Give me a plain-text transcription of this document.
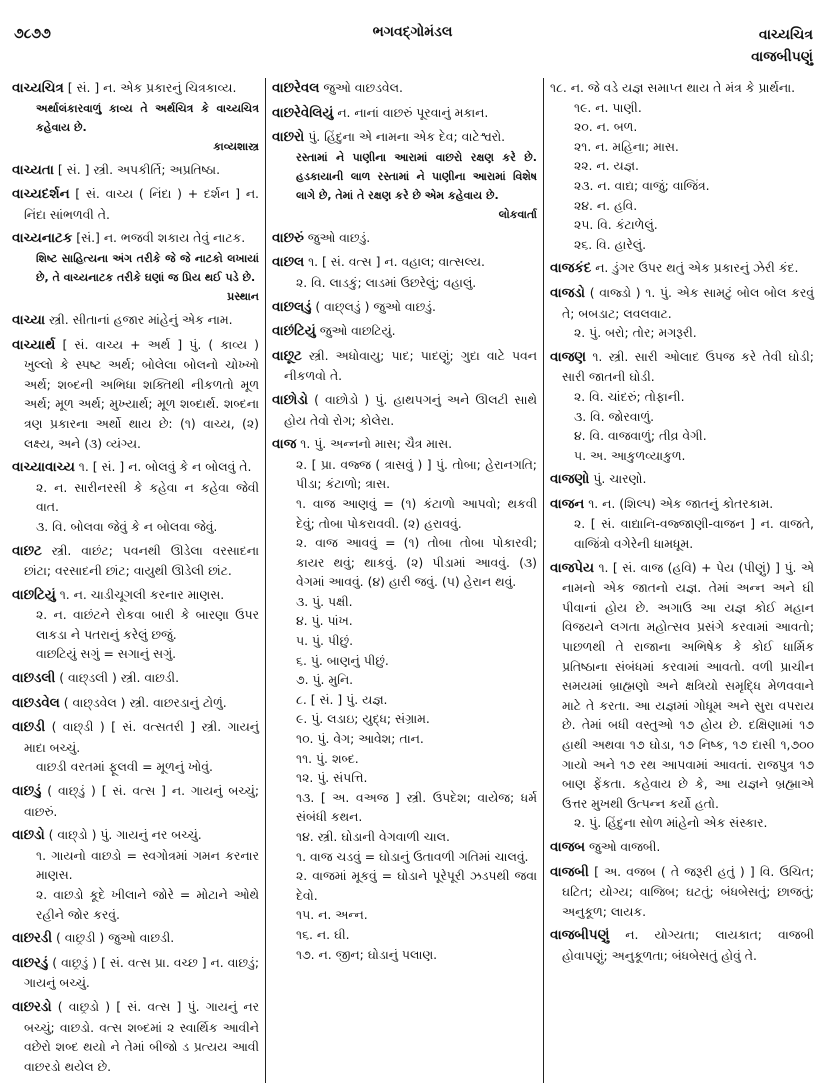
૭૮૭૭	ભગવદ્ગોમંડલ	વાચ્યચિત્ર
વાજબીપણું
વાચ્યચિત્ર [ સં. ] ન. એક પ્રકારનું ચિત્રકાવ્ય.
અર્થાલંકારવાળું કાવ્ય તે અર્થચિત્ર કે વાચ્યચિત્ર કહેવાય છે.
કાવ્યશાસ્ત્ર
વાચ્યતા [ સં. ] સ્ત્રી. અપકીર્તિ; અપ્રતિષ્ઠા.
વાચ્યદર્શન [ સં. વાચ્ય ( નિંદા ) + દર્શન ] ન. નિંદા સાંભળવી તે.
વાચ્યનાટક [સં.] ન. ભજવી શકાય તેવું નાટક.
શિષ્ટ સાહિત્યના અંગ તરીકે જે જે નાટકો લખાયાં છે, તે વાચ્યનાટક તરીકે ઘણાં જ પ્રિય થઈ પડે છે.
પ્રસ્થાન
વાચ્યા સ્ત્રી. સીતાનાં હજાર માંહેનું એક નામ.
વાચ્યાર્થ [ સં. વાચ્ય + અર્થ ] પું. ( કાવ્ય ) ખુલ્લો કે સ્પષ્ટ અર્થ; બોલેલા બોલનો ચોખ્ખો અર્થ; શબ્દની અભિધા શક્તિથી નીકળતો મૂળ અર્થ; મૂળ અર્થ; મુખ્યાર્થ; મૂળ શબ્દાર્થ. શબ્દના ત્રણ પ્રકારના અર્થો થાય છે: (૧) વાચ્ય, (૨) લક્ષ્ય, અને (૩) વ્યંગ્ય.
વાચ્યાવાચ્ય ૧. [ સં. ] ન. બોલવું કે ન બોલવું તે.
૨. ન. સારીનરસી કે કહેવા ન કહેવા જેવી વાત.
૩. વિ. બોલવા જેવું કે ન બોલવા જેવું.
વાછટ સ્ત્રી. વાછંટ; પવનથી ઊડેલા વરસાદના છાંટા; વરસાદની છાંટ; વાયુથી ઊડેલી છાંટ.
વાછટિયું ૧. ન. ચાડીચૂગલી કરનાર માણસ.
૨. ન. વાછંટને રોકવા બારી કે બારણા ઉપર લાકડા ને પતરાનું કરેલું છજું.
વાછટિયું સગું = સગાનું સગું.
વાછડલી ( વાછ્ડલી ) સ્ત્રી. વાછડી.
વાછડવેલ ( વાછ્ડવેલ ) સ્ત્રી. વાછરડાનું ટોળું.
વાછડી ( વાછ્ડી ) [ સં. વત્સતરી ] સ્ત્રી. ગાયનું માદા બચ્ચું.
વાછડી વરતમાં ફૂલવી = મૂળનું ખોવું.
વાછડું ( વાછ્ડું ) [ સં. વત્સ ] ન. ગાયનું બચ્ચું; વાછરું.
વાછડો ( વાછ્ડો ) પું. ગાયનું નર બચ્ચું.
૧. ગાયનો વાછડો = સ્વગોત્રમાં ગમન કરનાર માણસ.
૨. વાછડો કૂદે ખીલાને જોરે = મોટાને ઓથે રહીને જોર કરવું.
વાછરડી ( વાછ્રડી ) જુઓ વાછડી.
વાછરડું ( વાછ્રડું ) [ સં. વત્સ પ્રા. વચ્છ ] ન. વાછડું; ગાયનું બચ્ચું.
વાછરડો ( વાછ્રડો ) [ સં. વત્સ ] પું. ગાયનું નર બચ્ચું; વાછડો. વત્સ શબ્દમાં ૨ સ્વાર્થિક આવીને વછેરો શબ્દ થયો ને તેમાં બીજો ડ પ્રત્યય આવી વાછરડો થયેલ છે.
વાછરેવલ જુઓ વાછડવેલ.
વાછરેવેલિયું ન. નાનાં વાછરું પૂરવાનું મકાન.
વાછરો પું. હિંદુના એ નામના એક દેવ; વાટેશ્વરો.
રસ્તામાં ને પાણીના આરામાં વાછરો રક્ષણ કરે છે. હડકાયાની લાળ રસ્તામાં ને પાણીના આરામાં વિશેષ લાગે છે, તેમાં તે રક્ષણ કરે છે એમ કહેવાય છે.
લોકવાર્તા
વાછરું જુઓ વાછડું.
વાછલ ૧. [ સં. વત્સ ] ન. વહાલ; વાત્સલ્ય.
૨. વિ. લાડકું; લાડમાં ઉછરેલું; વહાલું.
વાછલડું ( વાછ્લડું ) જુઓ વાછડું.
વાછંટિયું જુઓ વાછટિયું.
વાછૂટ સ્ત્રી. અધોવાયુ; પાદ; પાદણું; ગુદા વાટે પવન નીકળવો તે.
વાછોડો ( વાછોડો ) પું. હાથપગનું અને ઊલટી સાથે હોય તેવો રોગ; કોલેરા.
વાજ ૧. પું. અન્નનો માસ; ચૈત્ર માસ.
૨. [ પ્રા. વજ્જ ( ત્રાસવું ) ] પું. તોબા; હેરાનગતિ; પીડા; કંટાળો; ત્રાસ.
૧. વાજ આણવું = (૧) કંટાળો આપવો; થકવી દેવું; તોબા પોકરાવવી. (૨) હરાવવું.
૨. વાજ આવવું = (૧) તોબા તોબા પોકારવી; કાયર થવું; થાકવું. (૨) પીડામાં આવવું. (૩) વેગમાં આવવું. (૪) હારી જવું. (૫) હેરાન થવું.
૩. પું. પક્ષી.
૪. પું. પાંખ.
૫. પું. પીછું.
૬. પું. બાણનું પીછું.
૭. પું. મુનિ.
૮. [ સં. ] પું. યજ્ઞ.
૯. પું. લડાઇ; યુદ્ધ; સંગ્રામ.
૧૦. પું. વેગ; આવેશ; તાન.
૧૧. પું. શબ્દ.
૧૨. પું. સંપત્તિ.
૧૩. [ અ. વઅજ ] સ્ત્રી. ઉપદેશ; વાયેજ; ધર્મ સંબંધી કથન.
૧૪. સ્ત્રી. ઘોડાની વેગવાળી ચાલ.
૧. વાજ ચડવું = ઘોડાનું ઉતાવળી ગતિમાં ચાલવું.
૨. વાજમાં મૂકવું = ઘોડાને પૂરેપૂરી ઝડપથી જવા દેવો.
૧૫. ન. અન્ન.
૧૬. ન. ઘી.
૧૭. ન. જીન; ઘોડાનું પલાણ.
૧૮. ન. જે વડે યજ્ઞ સમાપ્ત થાય તે મંત્ર કે પ્રાર્થના.
૧૯. ન. પાણી.
૨૦. ન. બળ.
૨૧. ન. મહિના; માસ.
૨૨. ન. યજ્ઞ.
૨૩. ન. વાદ્ય; વાજું; વાજિંત્ર.
૨૪. ન. હવિ.
૨૫. વિ. કંટાળેલું.
૨૬. વિ. હારેલું.
વાજકંદ ન. ડુંગર ઉપર થતું એક પ્રકારનું ઝેરી કંદ.
વાજડો ( વાજ્ડો ) ૧. પું. એક સામટું બોલ બોલ કરવું તે; બબડાટ; લવલવાટ.
૨. પું. બરો; તોર; મગરૂરી.
વાજણ ૧. સ્ત્રી. સારી ઓલાદ ઉપજ કરે તેવી ઘોડી; સારી જાતની ઘોડી.
૨. વિ. ચાંદરું; તોફાની.
૩. વિ. જોરવાળું.
૪. વિ. વાજવાળું; તીવ્ર વેગી.
૫. અ. આકુળવ્યાકુળ.
વાજણો પું. ચારણો.
વાજન ૧. ન. (શિલ્પ) એક જાતનું કોતરકામ.
૨. [ સં. વાદ્યાનિ-વજ્જાણી-વાજન ] ન. વાજતે, વાજિંત્રો વગેરેની ધામધૂમ.
વાજપેય ૧. [ સં. વાજ (હવિ) + પેય (પીણું) ] પું. એ નામનો એક જાતનો યજ્ઞ. તેમાં અન્ન અને ઘી પીવાનાં હોય છે. અગાઉ આ યજ્ઞ કોઈ મહાન વિજયને લગતા મહોત્સવ પ્રસંગે કરવામાં આવતો; પાછળથી તે રાજાના અભિષેક કે કોઈ ધાર્મિક પ્રતિષ્ઠાના સંબંધમાં કરવામાં આવતો. વળી પ્રાચીન સમયમાં બ્રાહ્મણો અને ક્ષત્રિયો સમૃદ્ધિ મેળવવાને માટે તે કરતા. આ યજ્ઞમાં ગોધૂમ અને સુરા વપરાય છે. તેમાં બધી વસ્તુઓ ૧૭ હોય છે. દક્ષિણામાં ૧૭ હાથી અથવા ૧૭ ઘોડા, ૧૭ નિષ્ક, ૧૭ દાસી ૧,૭૦૦ ગાયો અને ૧૭ રથ આપવામાં આવતાં. રાજપુત્ર ૧૭ બાણ ફેંકતા. કહેવાય છે કે, આ યજ્ઞને બ્રહ્માએ ઉત્તર મુખથી ઉત્પન્ન કર્યો હતો.
૨. પું. હિંદુના સોળ માંહેનો એક સંસ્કાર.
વાજબ જુઓ વાજબી.
વાજબી [ અ. વજબ ( તે જરૂરી હતું ) ] વિ. ઉચિત; ઘટિત; યોગ્ય; વાજિબ; ઘટતું; બંધબેસતું; છાજતું; અનુકૂળ; લાયક.
વાજબીપણું ન. યોગ્યતા; લાયકાત; વાજબી હોવાપણું; અનુકૂળતા; બંધબેસતું હોવું તે.
